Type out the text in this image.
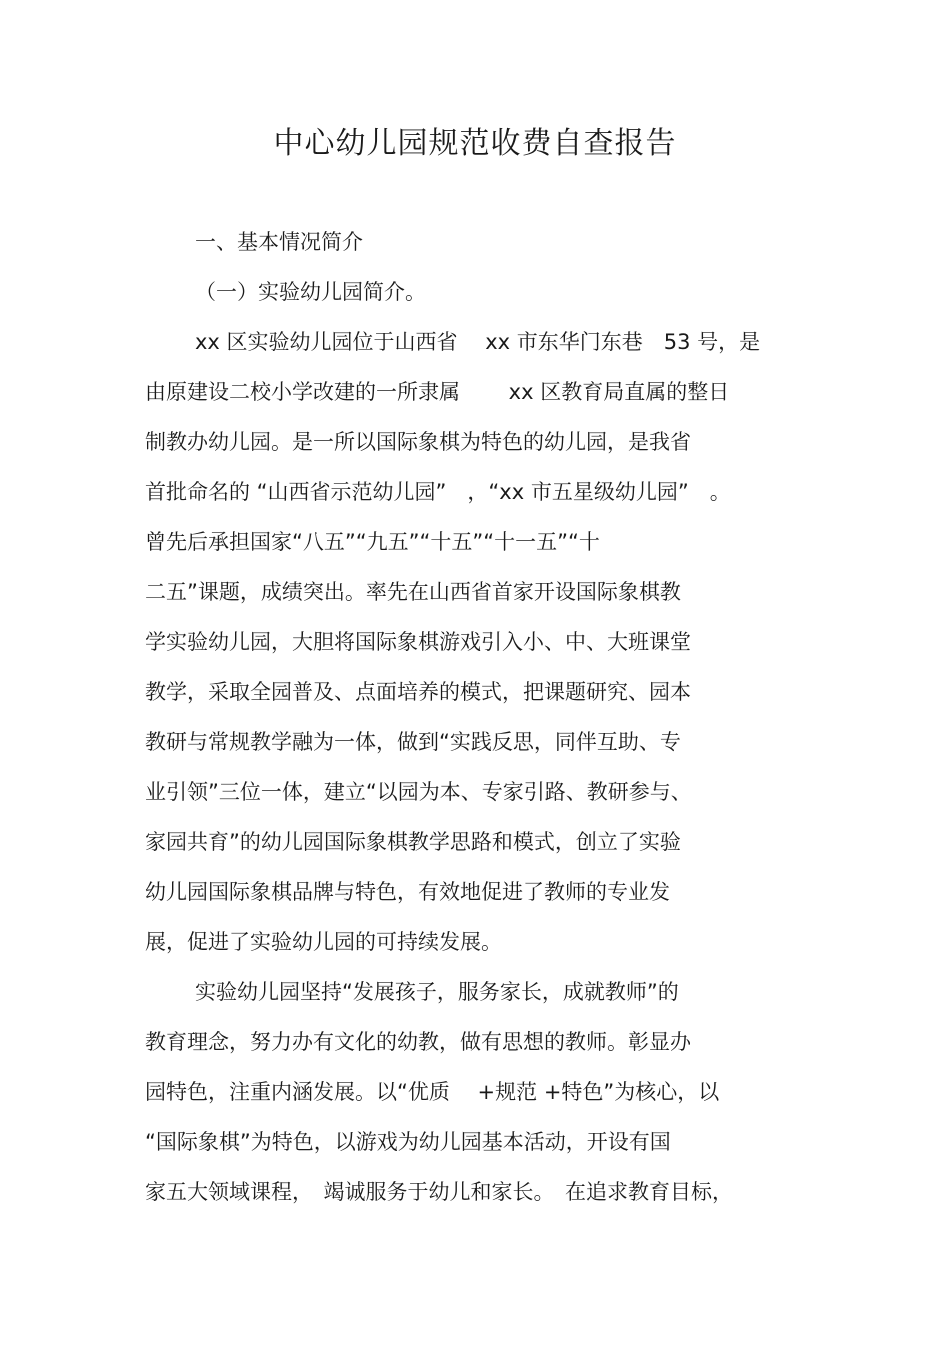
中心幼儿园规范收费自查报告
一、基本情况简介
（一）实验幼儿园简介。
xx 区实验幼儿园位于山西省　 xx 市东华门东巷　53 号，是
由原建设二校小学改建的一所隶属　　 xx 区教育局直属的整日
制教办幼儿园。是一所以国际象棋为特色的幼儿园，是我省
首批命名的 “山西省示范幼儿园”　，“xx 市五星级幼儿园”　。
曾先后承担国家“八五”“九五”“十五”“十一五”“十
二五”课题，成绩突出。率先在山西省首家开设国际象棋教
学实验幼儿园，大胆将国际象棋游戏引入小、中、大班课堂
教学，采取全园普及、点面培养的模式，把课题研究、园本
教研与常规教学融为一体，做到“实践反思，同伴互助、专
业引领”三位一体，建立“以园为本、专家引路、教研参与、
家园共育”的幼儿园国际象棋教学思路和模式，创立了实验
幼儿园国际象棋品牌与特色，有效地促进了教师的专业发
展，促进了实验幼儿园的可持续发展。
实验幼儿园坚持“发展孩子，服务家长，成就教师”的
教育理念，努力办有文化的幼教，做有思想的教师。彰显办
园特色，注重内涵发展。以“优质　 +规范 +特色”为核心，以
“国际象棋”为特色，以游戏为幼儿园基本活动，开设有国
家五大领域课程，　竭诚服务于幼儿和家长。　在追求教育目标，
